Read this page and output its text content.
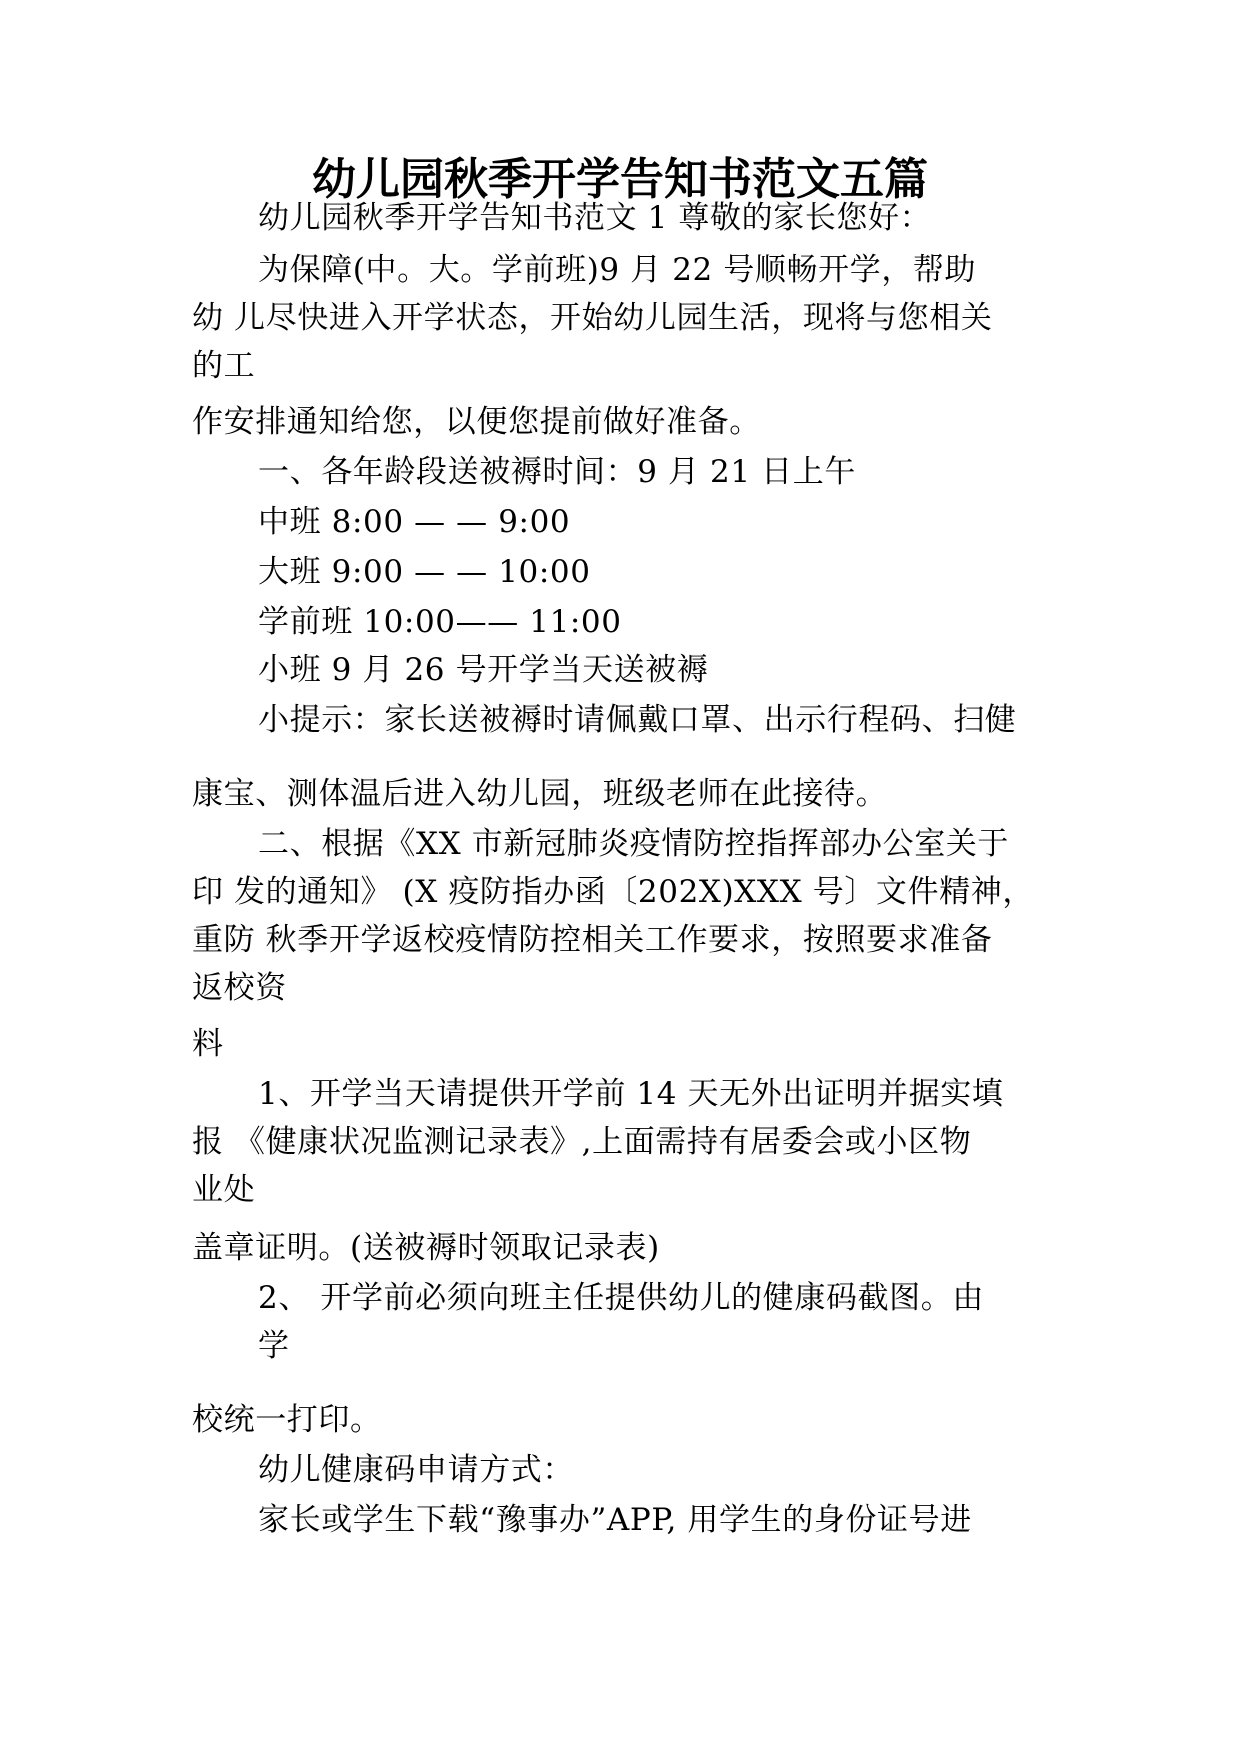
幼儿园秋季开学告知书范文五篇
幼儿园秋季开学告知书范文 1 尊敬的家长您好：
为保障(中。大。学前班)9 月 22 号顺畅开学，帮助
幼 儿尽快进入开学状态，开始幼儿园生活，现将与您相关
的工
作安排通知给您，以便您提前做好准备。
一、各年龄段送被褥时间：9 月 21 日上午
中班 8:00 — — 9:00
大班 9:00 — — 10:00
学前班 10:00—— 11:00
小班 9 月 26 号开学当天送被褥
小提示：家长送被褥时请佩戴口罩、出示行程码、扫健
康宝、测体温后进入幼儿园，班级老师在此接待。
二、根据《XX 市新冠肺炎疫情防控指挥部办公室关于
印 发的通知》 (X 疫防指办函〔202X)XXX 号〕文件精神，
重防 秋季开学返校疫情防控相关工作要求，按照要求准备
返校资
料
1、开学当天请提供开学前 14 天无外出证明并据实填
报 《健康状况监测记录表》,上面需持有居委会或小区物
业处
盖章证明。(送被褥时领取记录表)
2、 开学前必须向班主任提供幼儿的健康码截图。由
学
校统一打印。
幼儿健康码申请方式：
家长或学生下载“豫事办”APP, 用学生的身份证号进
